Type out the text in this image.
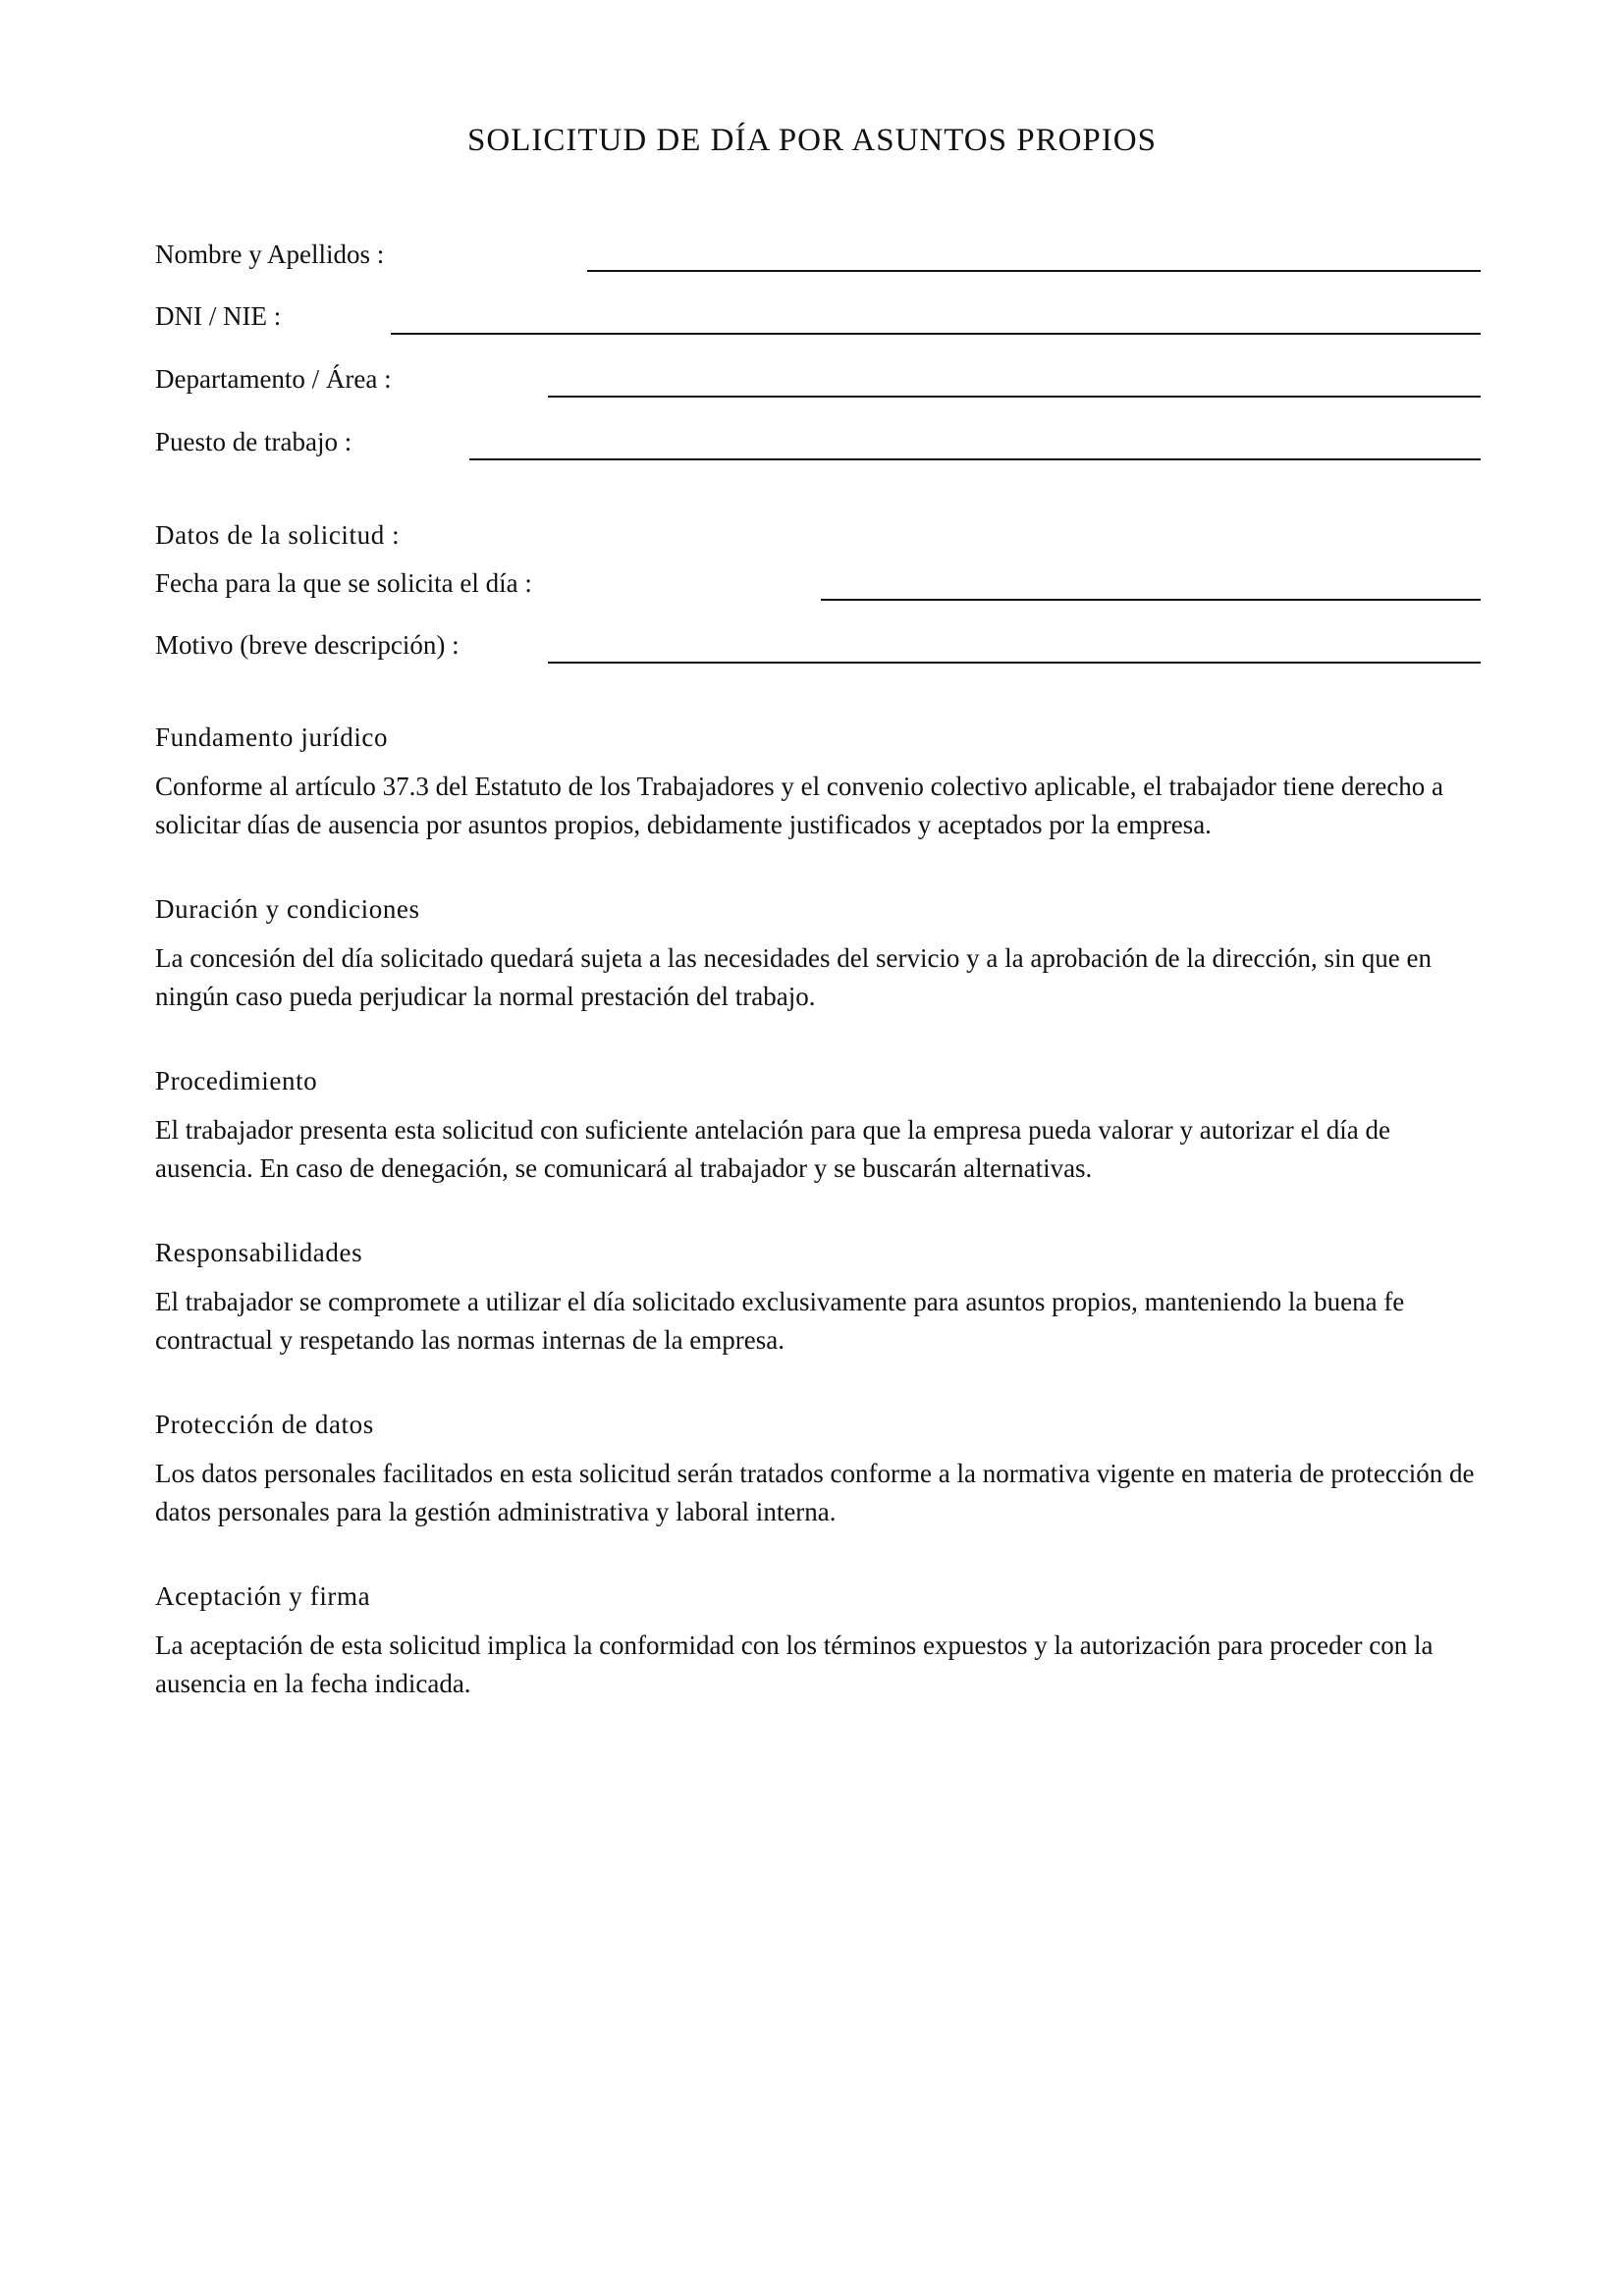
SOLICITUD DE DÍA POR ASUNTOS PROPIOS
Nombre y Apellidos :
DNI / NIE :
Departamento / Área :
Puesto de trabajo :
Datos de la solicitud :
Fecha para la que se solicita el día :
Motivo (breve descripción) :
Fundamento jurídico
Conforme al artículo 37.3 del Estatuto de los Trabajadores y el convenio colectivo aplicable, el trabajador tiene derecho a solicitar días de ausencia por asuntos propios, debidamente justificados y aceptados por la empresa.
Duración y condiciones
La concesión del día solicitado quedará sujeta a las necesidades del servicio y a la aprobación de la dirección, sin que en ningún caso pueda perjudicar la normal prestación del trabajo.
Procedimiento
El trabajador presenta esta solicitud con suficiente antelación para que la empresa pueda valorar y autorizar el día de ausencia. En caso de denegación, se comunicará al trabajador y se buscarán alternativas.
Responsabilidades
El trabajador se compromete a utilizar el día solicitado exclusivamente para asuntos propios, manteniendo la buena fe contractual y respetando las normas internas de la empresa.
Protección de datos
Los datos personales facilitados en esta solicitud serán tratados conforme a la normativa vigente en materia de protección de datos personales para la gestión administrativa y laboral interna.
Aceptación y firma
La aceptación de esta solicitud implica la conformidad con los términos expuestos y la autorización para proceder con la ausencia en la fecha indicada.
